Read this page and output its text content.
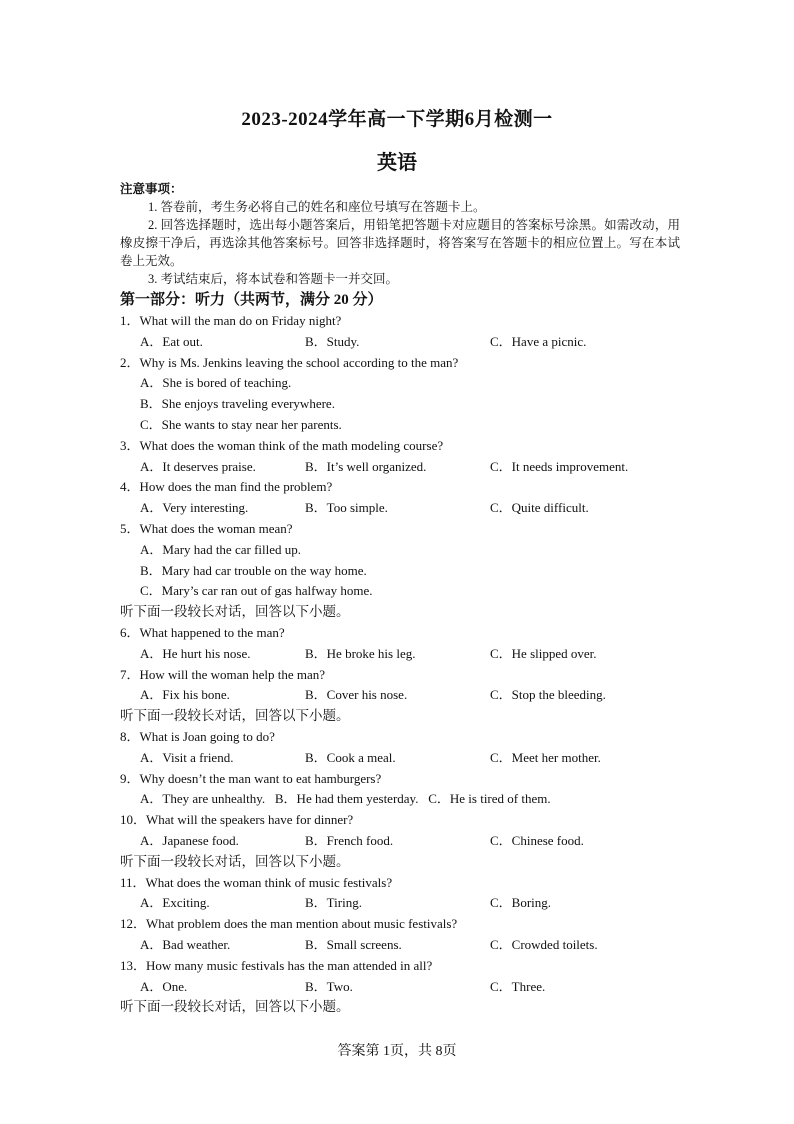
2023-2024学年高一下学期6月检测一
英语
注意事项：
1. 答卷前，考生务必将自己的姓名和座位号填写在答题卡上。
2. 回答选择题时，选出每小题答案后，用铅笔把答题卡对应题目的答案标号涂黑。如需改动，用橡皮擦干净后，再选涂其他答案标号。回答非选择题时，将答案写在答题卡的相应位置上。写在本试卷上无效。
3. 考试结束后，将本试卷和答题卡一并交回。
第一部分：听力（共两节，满分 20 分）
1．What will the man do on Friday night?
A．Eat out.	B．Study.	C．Have a picnic.
2．Why is Ms. Jenkins leaving the school according to the man?
A．She is bored of teaching.
B．She enjoys traveling everywhere.
C．She wants to stay near her parents.
3．What does the woman think of the math modeling course?
A．It deserves praise.	B．It’s well organized.	C．It needs improvement.
4．How does the man find the problem?
A．Very interesting.	B．Too simple.	C．Quite difficult.
5．What does the woman mean?
A．Mary had the car filled up.
B．Mary had car trouble on the way home.
C．Mary’s car ran out of gas halfway home.
听下面一段较长对话，回答以下小题。
6．What happened to the man?
A．He hurt his nose.	B．He broke his leg.	C．He slipped over.
7．How will the woman help the man?
A．Fix his bone.	B．Cover his nose.	C．Stop the bleeding.
听下面一段较长对话，回答以下小题。
8．What is Joan going to do?
A．Visit a friend.	B．Cook a meal.	C．Meet her mother.
9．Why doesn’t the man want to eat hamburgers?
A．They are unhealthy. B．He had them yesterday. C．He is tired of them.
10．What will the speakers have for dinner?
A．Japanese food.	B．French food.	C．Chinese food.
听下面一段较长对话，回答以下小题。
11．What does the woman think of music festivals?
A．Exciting.	B．Tiring.	C．Boring.
12．What problem does the man mention about music festivals?
A．Bad weather.	B．Small screens.	C．Crowded toilets.
13．How many music festivals has the man attended in all?
A．One.	B．Two.	C．Three.
听下面一段较长对话，回答以下小题。
答案第 1页，共 8页
